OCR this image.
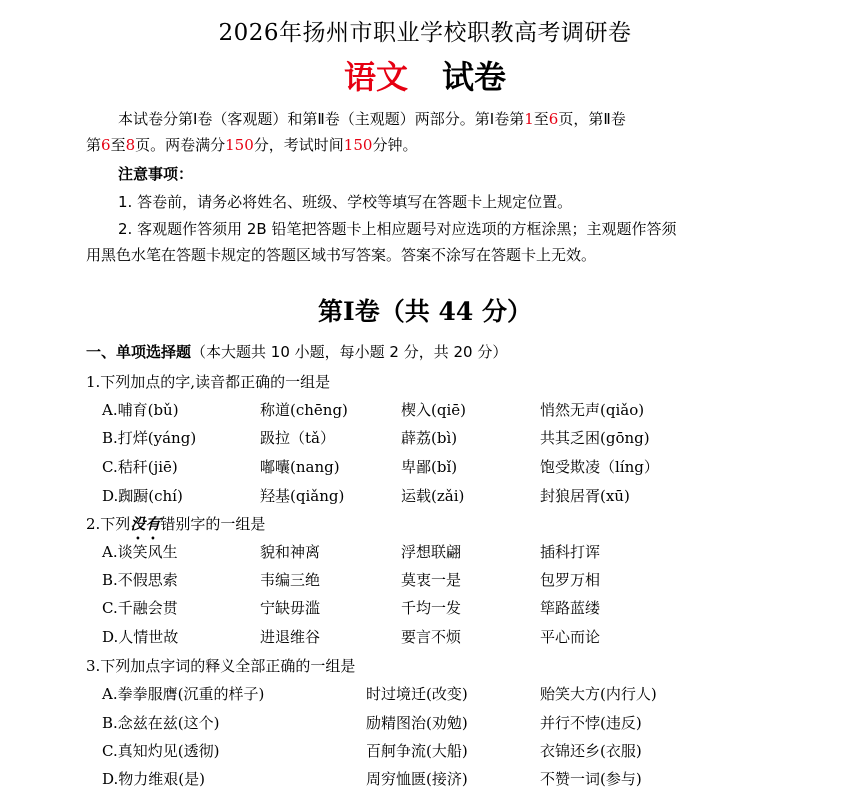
2026年扬州市职业学校职教高考调研卷
语文 试卷

本试卷分第Ⅰ卷（客观题）和第Ⅱ卷（主观题）两部分。第Ⅰ卷第1至6页，第Ⅱ卷

第6至8页。两卷满分150分，考试时间150分钟。

注意事项：

1. 答卷前，请务必将姓名、班级、学校等填写在答题卡上规定位置。

2. 客观题作答须用 2B 铅笔把答题卡上相应题号对应选项的方框涂黑；主观题作答须

用黑色水笔在答题卡规定的答题区域书写答案。答案不涂写在答题卡上无效。

第Ⅰ卷（共 44 分）
一、单项选择题（本大题共 10 小题，每小题 2 分，共 20 分）
1.下列加点的字,读音都正确的一组是
A.哺育(bǔ)	称道(chēng)	楔入(qiē)	悄然无声(qiǎo)
B.打烊(yáng)	趿拉（tǎ）	薜荔(bì)	共其乏困(gōng)
C.秸秆(jiē)	嘟囔(nang)	卑鄙(bǐ)	饱受欺凌（líng）
D.踟蹰(chí)	羟基(qiǎng)	运载(zǎi)	封狼居胥(xū)
2.下列没有错别字的一组是
A.谈笑风生	貌和神离	浮想联翩	插科打诨
B.不假思索	韦编三绝	莫衷一是	包罗万相
C.千融会贯	宁缺毋滥	千均一发	筚路蓝缕
D.人情世故	进退维谷	要言不烦	平心而论
3.下列加点字词的释义全部正确的一组是
A.拳拳服膺(沉重的样子)	时过境迁(改变)	贻笑大方(内行人)
B.念兹在兹(这个)	励精图治(劝勉)	并行不悖(违反)
C.真知灼见(透彻)	百舸争流(大船)	衣锦还乡(衣服)
D.物力维艰(是)	周穷恤匮(接济)	不赞一词(参与)
